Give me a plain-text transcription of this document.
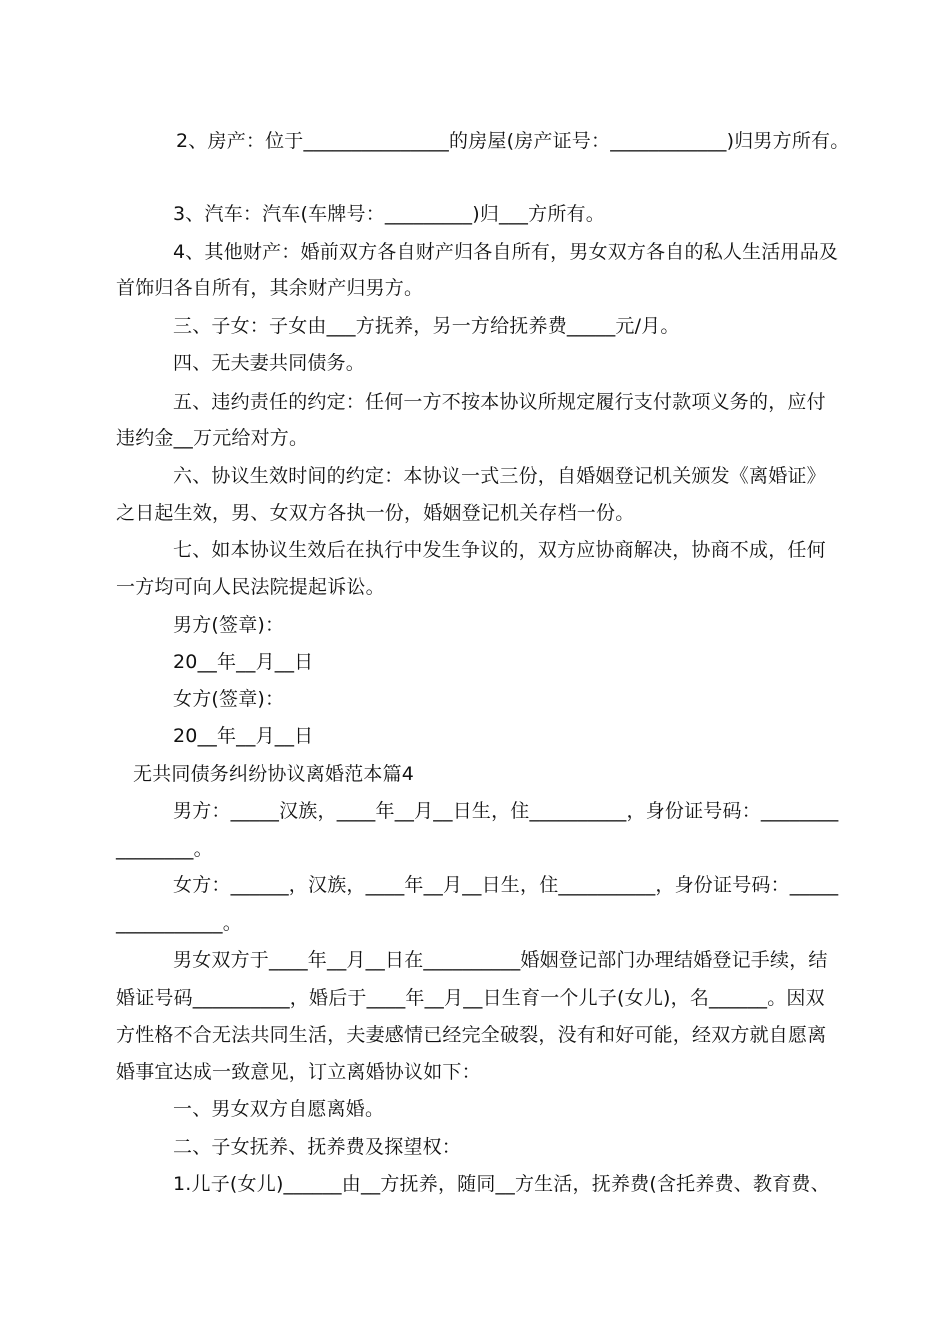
2、房产：位于_______________的房屋(房产证号：____________)归男方所有。
3、汽车：汽车(车牌号：_________)归___方所有。
4、其他财产：婚前双方各自财产归各自所有，男女双方各自的私人生活用品及
首饰归各自所有，其余财产归男方。
三、子女：子女由___方抚养，另一方给抚养费_____元/月。
四、无夫妻共同债务。
五、违约责任的约定：任何一方不按本协议所规定履行支付款项义务的，应付
违约金__万元给对方。
六、协议生效时间的约定：本协议一式三份，自婚姻登记机关颁发《离婚证》
之日起生效，男、女双方各执一份，婚姻登记机关存档一份。
七、如本协议生效后在执行中发生争议的，双方应协商解决，协商不成，任何
一方均可向人民法院提起诉讼。
男方(签章)：
20__年__月__日
女方(签章)：
20__年__月__日
无共同债务纠纷协议离婚范本篇4
男方：_____汉族，____年__月__日生，住__________，身份证号码：________
________。
女方：______，汉族，____年__月__日生，住__________，身份证号码：_____
___________。
男女双方于____年__月__日在__________婚姻登记部门办理结婚登记手续，结
婚证号码__________，婚后于____年__月__日生育一个儿子(女儿)，名______。因双
方性格不合无法共同生活，夫妻感情已经完全破裂，没有和好可能，经双方就自愿离
婚事宜达成一致意见，订立离婚协议如下：
一、男女双方自愿离婚。
二、子女抚养、抚养费及探望权：
1.儿子(女儿)______由__方抚养，随同__方生活，抚养费(含托养费、教育费、
